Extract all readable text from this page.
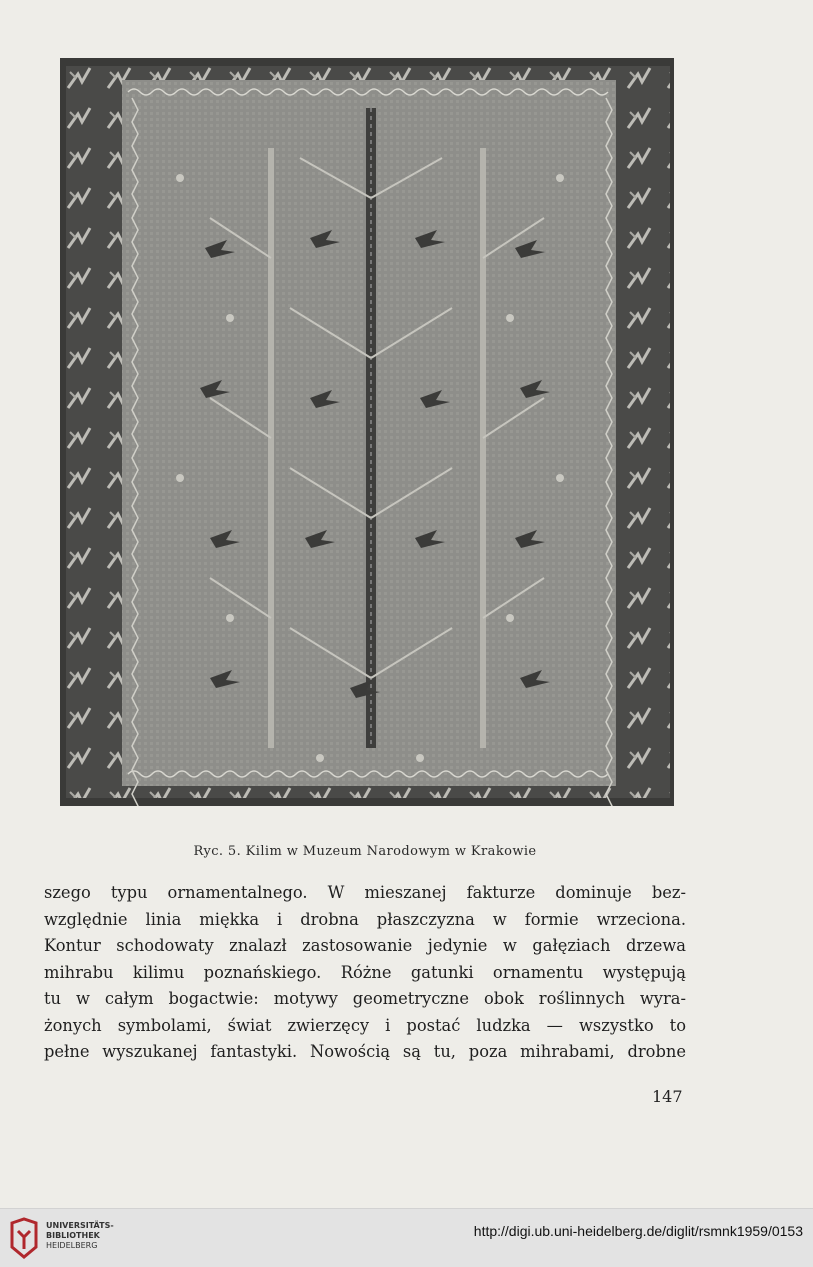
Ryc. 5. Kilim w Muzeum Narodowym w Krakowie
szego typu ornamentalnego. W mieszanej fakturze dominuje bez-
względnie linia miękka i drobna płaszczyzna w formie wrzeciona.
Kontur schodowaty znalazł zastosowanie jedynie w gałęziach drzewa
mihrabu kilimu poznańskiego. Różne gatunki ornamentu występują
tu w całym bogactwie: motywy geometryczne obok roślinnych wyra-
żonych symbolami, świat zwierzęcy i postać ludzka — wszystko to
pełne wyszukanej fantastyki. Nowością są tu, poza mihrabami, drobne
147
UNIVERSITÄTS-
BIBLIOTHEK
HEIDELBERG
http://digi.ub.uni-heidelberg.de/diglit/rsmnk1959/0153
